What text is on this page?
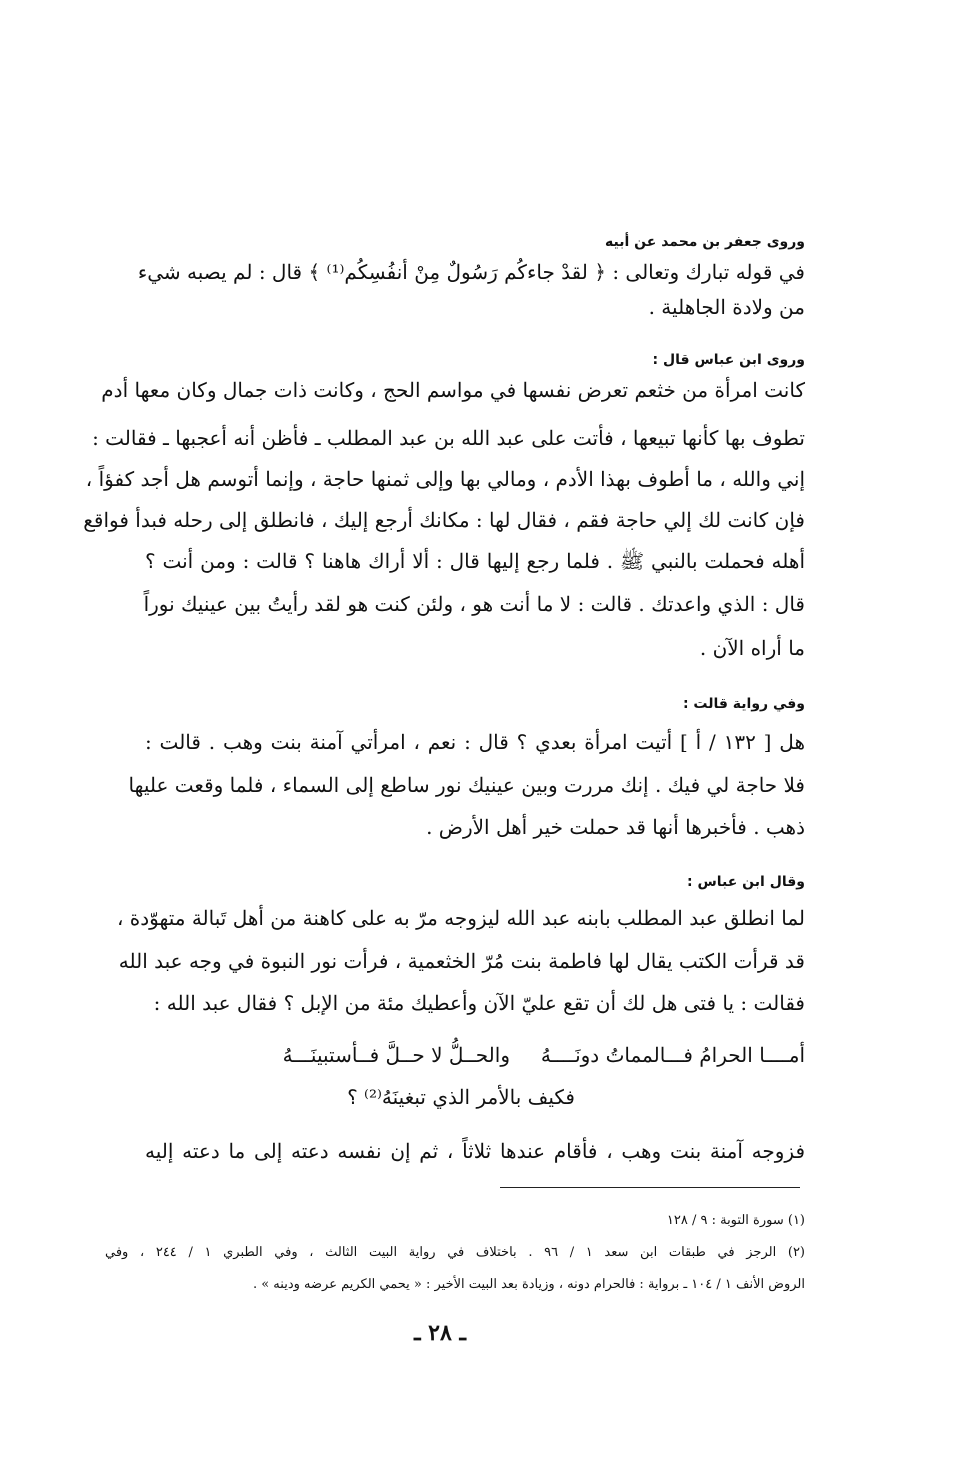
وروى جعفر بن محمد عن أبيه
في قوله تبارك وتعالى : ﴿ لقدْ جاءكُم رَسُولٌ مِنْ أنفُسِكُم⁽¹⁾ ﴾ قال : لم يصبه شيء
من ولادة الجاهلية .
وروى ابن عباس قال :
كانت امرأة من خثعم تعرض نفسها في مواسم الحج ، وكانت ذات جمال وكان معها أدم
تطوف بها كأنها تبيعها ، فأتت على عبد الله بن عبد المطلب ـ فأظن أنه أعجبها ـ فقالت :
إني والله ، ما أطوف بهذا الأدم ، ومالي بها وإلى ثمنها حاجة ، وإنما أتوسم هل أجد كفؤاً ،
فإن كانت لك إلي حاجة فقم ، فقال لها : مكانك أرجع إليك ، فانطلق إلى رحله فبدأ فواقع
أهله فحملت بالنبي ﷺ . فلما رجع إليها قال : ألا أراك هاهنا ؟ قالت : ومن أنت ؟
قال : الذي واعدتك . قالت : لا ما أنت هو ، ولئن كنت هو لقد رأيتُ بين عينيك نوراً
ما أراه الآن .
وفي رواية قالت :
هل [ ١٣٢ / أ ] أتيت امرأة بعدي ؟ قال : نعم ، امرأتي آمنة بنت وهب . قالت :
فلا حاجة لي فيك . إنك مررت وبين عينيك نور ساطع إلى السماء ، فلما وقعت عليها
ذهب . فأخبرها أنها قد حملت خير أهل الأرض .
وقال ابن عباس :
لما انطلق عبد المطلب بابنه عبد الله ليزوجه مرّ به على كاهنة من أهل تَبالة متهوّدة ،
قد قرأت الكتب يقال لها فاطمة بنت مُرّ الخثعمية ، فرأت نور النبوة في وجه عبد الله
فقالت : يا فتى هل لك أن تقع عليّ الآن وأعطيك مئة من الإبل ؟ فقال عبد الله :
أمــــا الحرامُ فـــالمماتُ دونَــــهُ
والحــلُّ لا حــلَّ فــأستبينَـــهُ
فكيف بالأمر الذي تبغينَهُ⁽²⁾ ؟
فزوجه آمنة بنت وهب ، فأقام عندها ثلاثاً ، ثم إن نفسه دعته إلى ما دعته إليه
(١) سورة التوبة : ٩ / ١٢٨
(٢) الرجز في طبقات ابن سعد ١ / ٩٦ . باختلاف في رواية البيت الثالث ، وفي الطبري ١ / ٢٤٤ ، وفي
الروض الأنف ١ / ١٠٤ ـ برواية : فالحرام دونه ، وزيادة بعد البيت الأخير : « يحمي الكريم عرضه ودينه » .
ـ ٢٨ ـ
